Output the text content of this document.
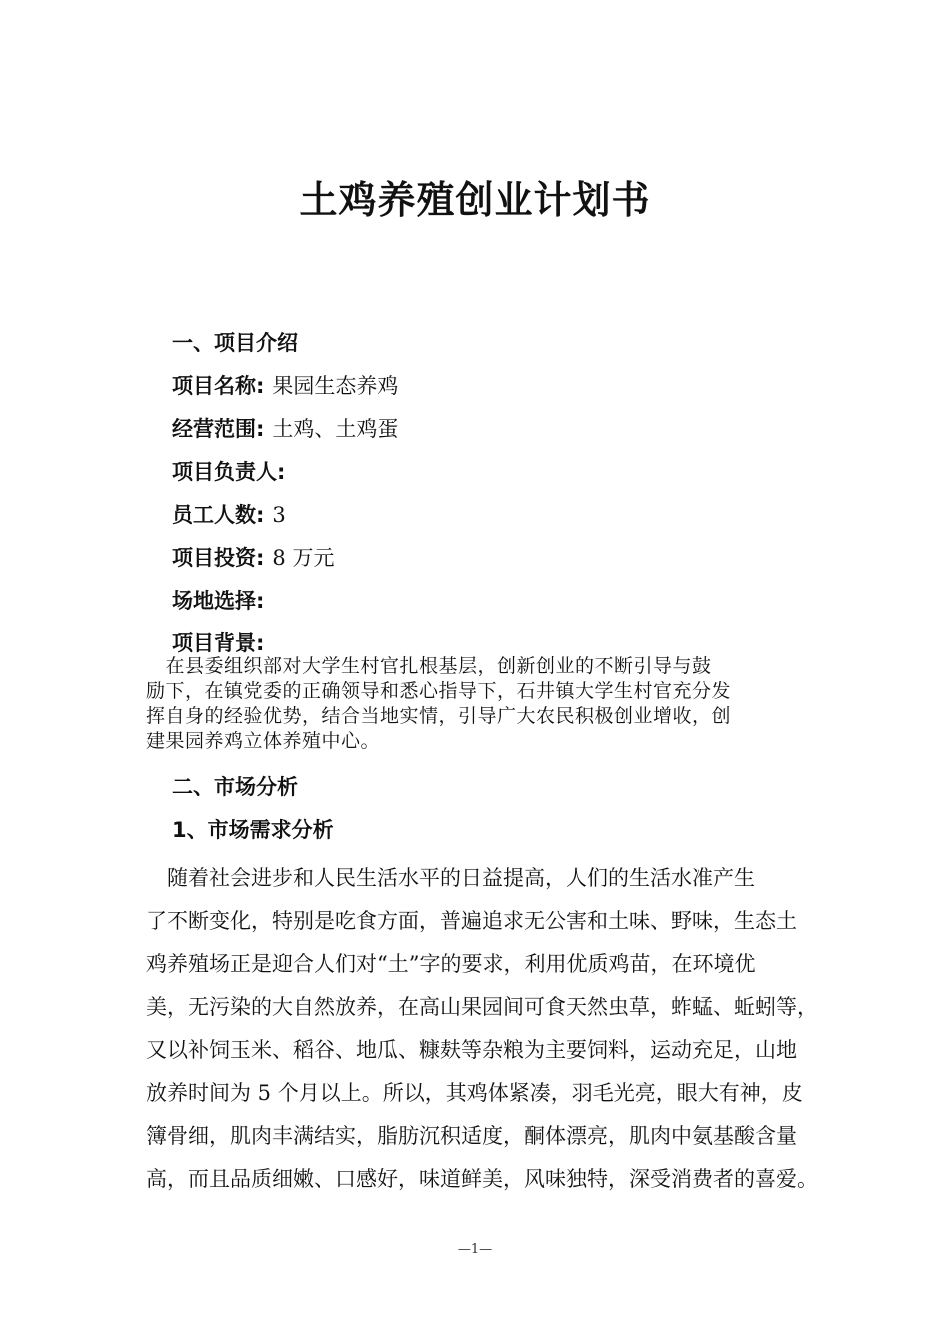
土鸡养殖创业计划书
一、项目介绍
项目名称: 果园生态养鸡
经营范围: 土鸡、土鸡蛋
项目负责人:
员工人数: 3
项目投资: 8 万元
场地选择:
项目背景:
　在县委组织部对大学生村官扎根基层，创新创业的不断引导与鼓
励下，在镇党委的正确领导和悉心指导下，石井镇大学生村官充分发
挥自身的经验优势，结合当地实情，引导广大农民积极创业增收，创
建果园养鸡立体养殖中心。
二、市场分析
1、市场需求分析
　随着社会进步和人民生活水平的日益提高，人们的生活水准产生
了不断变化，特别是吃食方面，普遍追求无公害和土味、野味，生态土
鸡养殖场正是迎合人们对“土”字的要求，利用优质鸡苗，在环境优
美，无污染的大自然放养，在高山果园间可食天然虫草，蚱蜢、蚯蚓等，
又以补饲玉米、稻谷、地瓜、糠麸等杂粮为主要饲料，运动充足，山地
放养时间为 5 个月以上。所以，其鸡体紧凑，羽毛光亮，眼大有神，皮
簿骨细，肌肉丰满结实，脂肪沉积适度，酮体漂亮，肌肉中氨基酸含量
高，而且品质细嫩、口感好，味道鲜美，风味独特，深受消费者的喜爱。
—1—
